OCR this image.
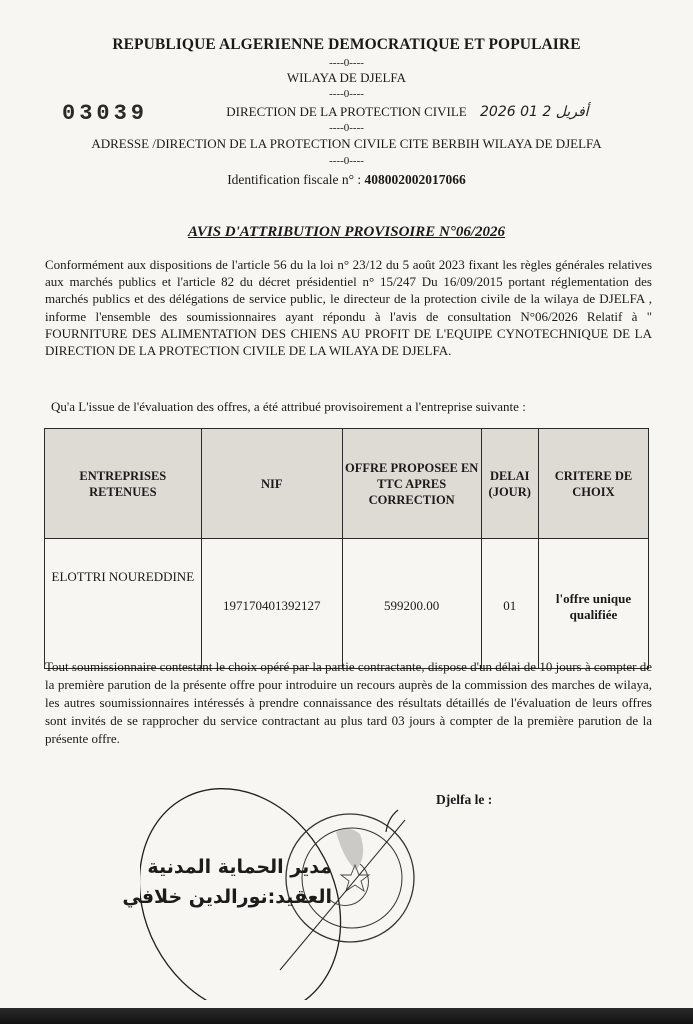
REPUBLIQUE ALGERIENNE DEMOCRATIQUE ET POPULAIRE
----0----
WILAYA DE DJELFA
----0----
DIRECTION DE LA PROTECTION CIVILE
----0----
ADRESSE /DIRECTION DE LA PROTECTION CIVILE CITE BERBIH WILAYA DE DJELFA
----0----
Identification fiscale n° : 408002002017066
03039	2026 أفريل 2 01
AVIS D'ATTRIBUTION PROVISOIRE N°06/2026
Conformément aux dispositions de l'article 56 du la loi n° 23/12 du 5 août 2023 fixant les règles générales relatives aux marchés publics et l'article 82 du décret présidentiel n° 15/247 Du 16/09/2015 portant réglementation des marchés publics et des délégations de service public, le directeur de la protection civile de la wilaya de DJELFA , informe l'ensemble des soumissionnaires ayant répondu à l'avis de consultation N°06/2026 Relatif à " FOURNITURE DES ALIMENTATION DES CHIENS AU PROFIT DE L'EQUIPE CYNOTECHNIQUE DE LA DIRECTION DE LA PROTECTION CIVILE DE LA WILAYA DE DJELFA.
Qu'a L'issue de l'évaluation des offres, a été attribué provisoirement a l'entreprise suivante :
ENTREPRISES RETENUES	NIF	OFFRE PROPOSEE EN TTC APRES CORRECTION	DELAI (JOUR)	CRITERE DE CHOIX
ELOTTRI NOUREDDINE	197170401392127	599200.00	01	l'offre unique qualifiée
Tout soumissionnaire contestant le choix opéré par la partie contractante, dispose d'un délai de 10 jours à compter de la première parution de la présente offre pour introduire un recours auprès de la commission des marches de wilaya, les autres soumissionnaires intéressés à prendre connaissance des résultats détaillés de l'évaluation de leurs offres sont invités de se rapprocher du service contractant au plus tard 03 jours à compter de la première parution de la présente offre.
Djelfa le :
مدير الحماية المدنية
العقيد:نورالدين خلافي
